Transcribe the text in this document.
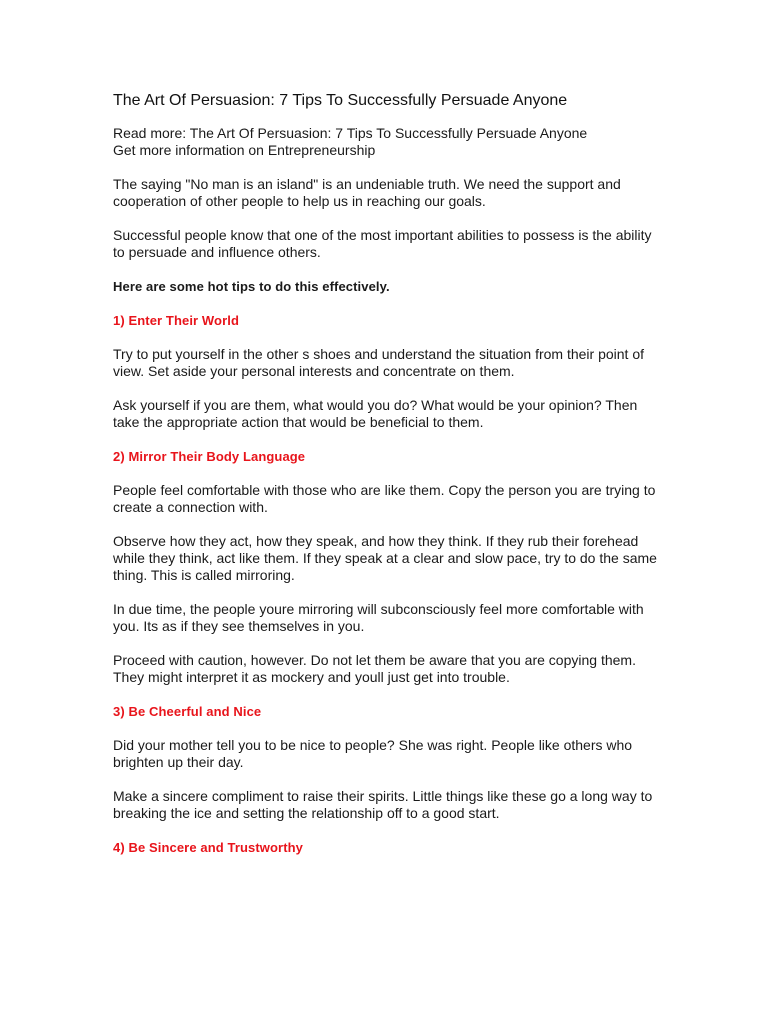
The Art Of Persuasion: 7 Tips To Successfully Persuade Anyone

Read more: The Art Of Persuasion: 7 Tips To Successfully Persuade Anyone
Get more information on Entrepreneurship

The saying "No man is an island" is an undeniable truth. We need the support and cooperation of other people to help us in reaching our goals.

Successful people know that one of the most important abilities to possess is the ability to persuade and influence others.

Here are some hot tips to do this effectively.

1) Enter Their World

Try to put yourself in the other s shoes and understand the situation from their point of view. Set aside your personal interests and concentrate on them.

Ask yourself if you are them, what would you do? What would be your opinion? Then take the appropriate action that would be beneficial to them.

2) Mirror Their Body Language

People feel comfortable with those who are like them. Copy the person you are trying to create a connection with.

Observe how they act, how they speak, and how they think. If they rub their forehead while they think, act like them. If they speak at a clear and slow pace, try to do the same thing. This is called mirroring.

In due time, the people youre mirroring will subconsciously feel more comfortable with you. Its as if they see themselves in you.

Proceed with caution, however. Do not let them be aware that you are copying them. They might interpret it as mockery and youll just get into trouble.

3) Be Cheerful and Nice

Did your mother tell you to be nice to people? She was right. People like others who brighten up their day.

Make a sincere compliment to raise their spirits. Little things like these go a long way to breaking the ice and setting the relationship off to a good start.

4) Be Sincere and Trustworthy
